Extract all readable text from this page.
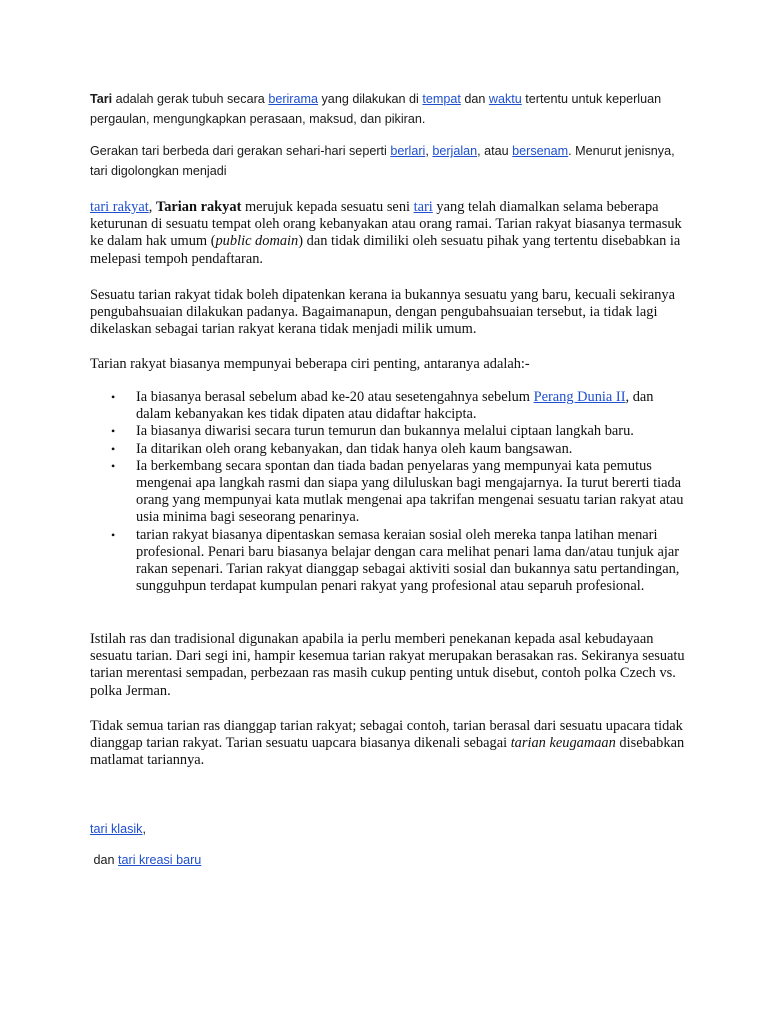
Tari adalah gerak tubuh secara berirama yang dilakukan di tempat dan waktu tertentu untuk keperluan pergaulan, mengungkapkan perasaan, maksud, dan pikiran.

Gerakan tari berbeda dari gerakan sehari-hari seperti berlari, berjalan, atau bersenam. Menurut jenisnya, tari digolongkan menjadi

tari rakyat, Tarian rakyat merujuk kepada sesuatu seni tari yang telah diamalkan selama beberapa keturunan di sesuatu tempat oleh orang kebanyakan atau orang ramai. Tarian rakyat biasanya termasuk ke dalam hak umum (public domain) dan tidak dimiliki oleh sesuatu pihak yang tertentu disebabkan ia melepasi tempoh pendaftaran.

Sesuatu tarian rakyat tidak boleh dipatenkan kerana ia bukannya sesuatu yang baru, kecuali sekiranya pengubahsuaian dilakukan padanya. Bagaimanapun, dengan pengubahsuaian tersebut, ia tidak lagi dikelaskan sebagai tarian rakyat kerana tidak menjadi milik umum.

Tarian rakyat biasanya mempunyai beberapa ciri penting, antaranya adalah:-

• Ia biasanya berasal sebelum abad ke-20 atau sesetengahnya sebelum Perang Dunia II, dan dalam kebanyakan kes tidak dipaten atau didaftar hakcipta.
• Ia biasanya diwarisi secara turun temurun dan bukannya melalui ciptaan langkah baru.
• Ia ditarikan oleh orang kebanyakan, dan tidak hanya oleh kaum bangsawan.
• Ia berkembang secara spontan dan tiada badan penyelaras yang mempunyai kata pemutus mengenai apa langkah rasmi dan siapa yang diluluskan bagi mengajarnya. Ia turut bererti tiada orang yang mempunyai kata mutlak mengenai apa takrifan mengenai sesuatu tarian rakyat atau usia minima bagi seseorang penarinya.
• tarian rakyat biasanya dipentaskan semasa keraian sosial oleh mereka tanpa latihan menari profesional. Penari baru biasanya belajar dengan cara melihat penari lama dan/atau tunjuk ajar rakan sepenari. Tarian rakyat dianggap sebagai aktiviti sosial dan bukannya satu pertandingan, sungguhpun terdapat kumpulan penari rakyat yang profesional atau separuh profesional.

Istilah ras dan tradisional digunakan apabila ia perlu memberi penekanan kepada asal kebudayaan sesuatu tarian. Dari segi ini, hampir kesemua tarian rakyat merupakan berasakan ras. Sekiranya sesuatu tarian merentasi sempadan, perbezaan ras masih cukup penting untuk disebut, contoh polka Czech vs. polka Jerman.

Tidak semua tarian ras dianggap tarian rakyat; sebagai contoh, tarian berasal dari sesuatu upacara tidak dianggap tarian rakyat. Tarian sesuatu uapcara biasanya dikenali sebagai tarian keugamaan disebabkan matlamat tariannya.

tari klasik,

dan tari kreasi baru
